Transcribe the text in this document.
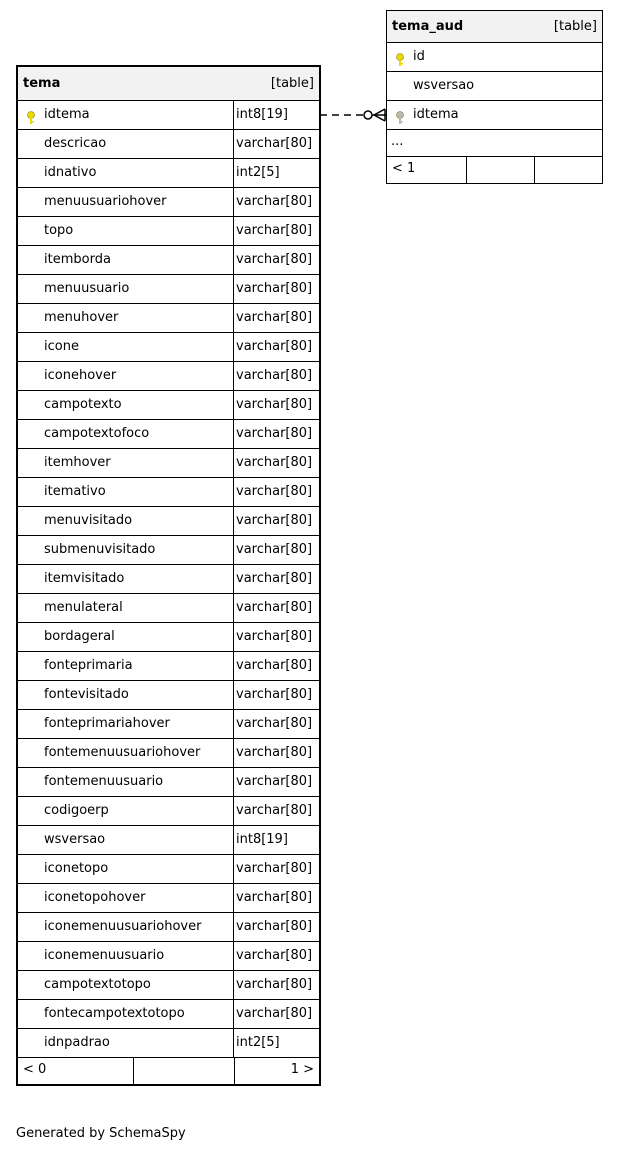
tema	[table]
idtema	int8[19]
descricao	varchar[80]
idnativo	int2[5]
menuusuariohover	varchar[80]
topo	varchar[80]
itemborda	varchar[80]
menuusuario	varchar[80]
menuhover	varchar[80]
icone	varchar[80]
iconehover	varchar[80]
campotexto	varchar[80]
campotextofoco	varchar[80]
itemhover	varchar[80]
itemativo	varchar[80]
menuvisitado	varchar[80]
submenuvisitado	varchar[80]
itemvisitado	varchar[80]
menulateral	varchar[80]
bordageral	varchar[80]
fonteprimaria	varchar[80]
fontevisitado	varchar[80]
fonteprimariahover	varchar[80]
fontemenuusuariohover	varchar[80]
fontemenuusuario	varchar[80]
codigoerp	varchar[80]
wsversao	int8[19]
iconetopo	varchar[80]
iconetopohover	varchar[80]
iconemenuusuariohover	varchar[80]
iconemenuusuario	varchar[80]
campotextotopo	varchar[80]
fontecampotextotopo	varchar[80]
idnpadrao	int2[5]
< 0	1 >
tema_aud	[table]
id
wsversao
idtema
...
< 1
Generated by SchemaSpy
